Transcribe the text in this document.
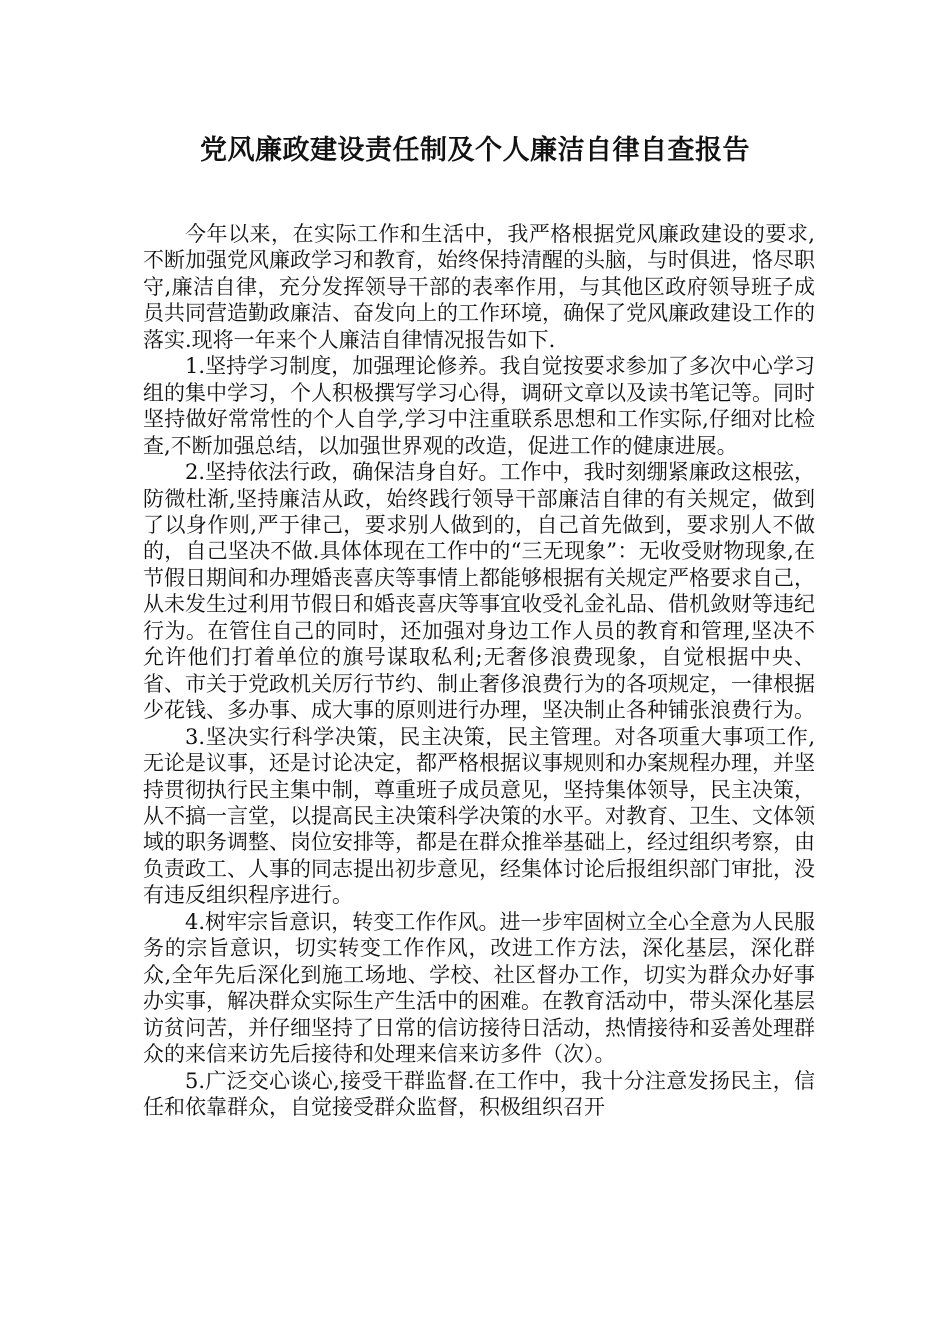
党风廉政建设责任制及个人廉洁自律自查报告

今年以来，在实际工作和生活中，我严格根据党风廉政建设的要求,不断加强党风廉政学习和教育，始终保持清醒的头脑，与时俱进，恪尽职守,廉洁自律，充分发挥领导干部的表率作用，与其他区政府领导班子成员共同营造勤政廉洁、奋发向上的工作环境，确保了党风廉政建设工作的落实.现将一年来个人廉洁自律情况报告如下.

1.坚持学习制度，加强理论修养。我自觉按要求参加了多次中心学习组的集中学习，个人积极撰写学习心得，调研文章以及读书笔记等。同时坚持做好常常性的个人自学,学习中注重联系思想和工作实际,仔细对比检查,不断加强总结，以加强世界观的改造，促进工作的健康进展。

2.坚持依法行政，确保洁身自好。工作中，我时刻绷紧廉政这根弦，防微杜渐,坚持廉洁从政，始终践行领导干部廉洁自律的有关规定，做到了以身作则,严于律己，要求别人做到的，自己首先做到，要求别人不做的，自己坚决不做.具体体现在工作中的“三无现象”：无收受财物现象,在节假日期间和办理婚丧喜庆等事情上都能够根据有关规定严格要求自己，从未发生过利用节假日和婚丧喜庆等事宜收受礼金礼品、借机敛财等违纪行为。在管住自己的同时，还加强对身边工作人员的教育和管理,坚决不允许他们打着单位的旗号谋取私利;无奢侈浪费现象，自觉根据中央、省、市关于党政机关厉行节约、制止奢侈浪费行为的各项规定，一律根据少花钱、多办事、成大事的原则进行办理，坚决制止各种铺张浪费行为。

3.坚决实行科学决策，民主决策，民主管理。对各项重大事项工作,无论是议事，还是讨论决定，都严格根据议事规则和办案规程办理，并坚持贯彻执行民主集中制，尊重班子成员意见，坚持集体领导，民主决策，从不搞一言堂，以提高民主决策科学决策的水平。对教育、卫生、文体领域的职务调整、岗位安排等，都是在群众推举基础上，经过组织考察，由负责政工、人事的同志提出初步意见，经集体讨论后报组织部门审批，没有违反组织程序进行。

4.树牢宗旨意识，转变工作作风。进一步牢固树立全心全意为人民服务的宗旨意识，切实转变工作作风，改进工作方法，深化基层，深化群众,全年先后深化到施工场地、学校、社区督办工作，切实为群众办好事办实事，解决群众实际生产生活中的困难。在教育活动中，带头深化基层访贫问苦，并仔细坚持了日常的信访接待日活动，热情接待和妥善处理群众的来信来访先后接待和处理来信来访多件（次）。

5.广泛交心谈心,接受干群监督.在工作中，我十分注意发扬民主，信任和依靠群众，自觉接受群众监督，积极组织召开
